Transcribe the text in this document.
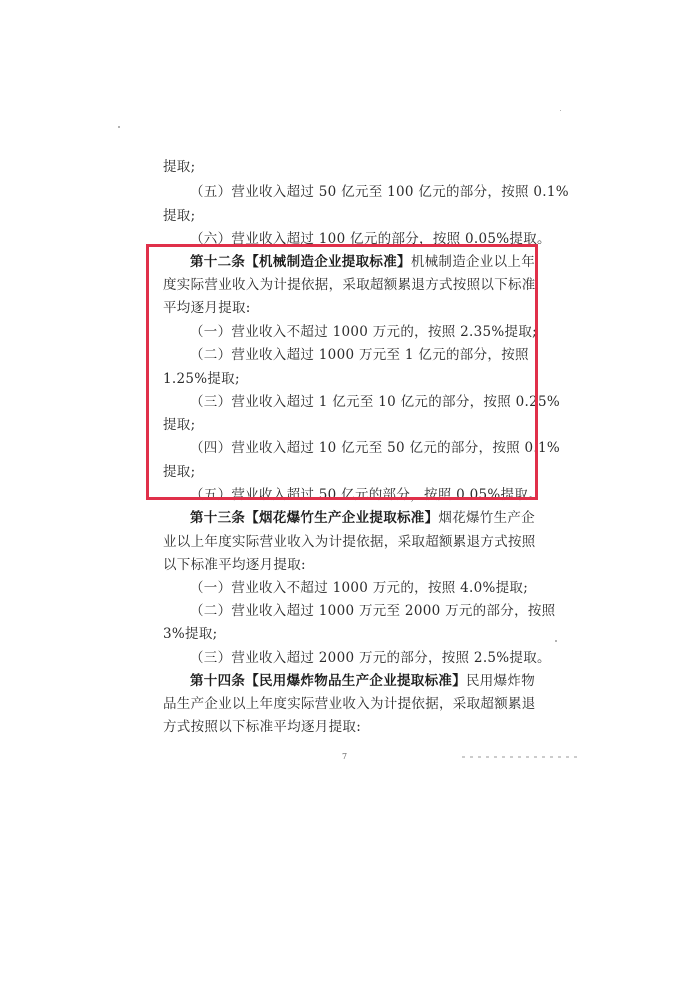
提取;
（五）营业收入超过 50 亿元至 100 亿元的部分，按照 0.1%
提取;
（六）营业收入超过 100 亿元的部分，按照 0.05%提取。
第十二条【机械制造企业提取标准】机械制造企业以上年
度实际营业收入为计提依据，采取超额累退方式按照以下标准
平均逐月提取:
（一）营业收入不超过 1000 万元的，按照 2.35%提取;
（二）营业收入超过 1000 万元至 1 亿元的部分，按照
1.25%提取;
（三）营业收入超过 1 亿元至 10 亿元的部分，按照 0.25%
提取;
（四）营业收入超过 10 亿元至 50 亿元的部分，按照 0.1%
提取;
（五）营业收入超过 50 亿元的部分，按照 0.05%提取。
第十三条【烟花爆竹生产企业提取标准】烟花爆竹生产企
业以上年度实际营业收入为计提依据，采取超额累退方式按照
以下标准平均逐月提取:
（一）营业收入不超过 1000 万元的，按照 4.0%提取;
（二）营业收入超过 1000 万元至 2000 万元的部分，按照
3%提取;
（三）营业收入超过 2000 万元的部分，按照 2.5%提取。
第十四条【民用爆炸物品生产企业提取标准】民用爆炸物
品生产企业以上年度实际营业收入为计提依据，采取超额累退
方式按照以下标准平均逐月提取:
7
